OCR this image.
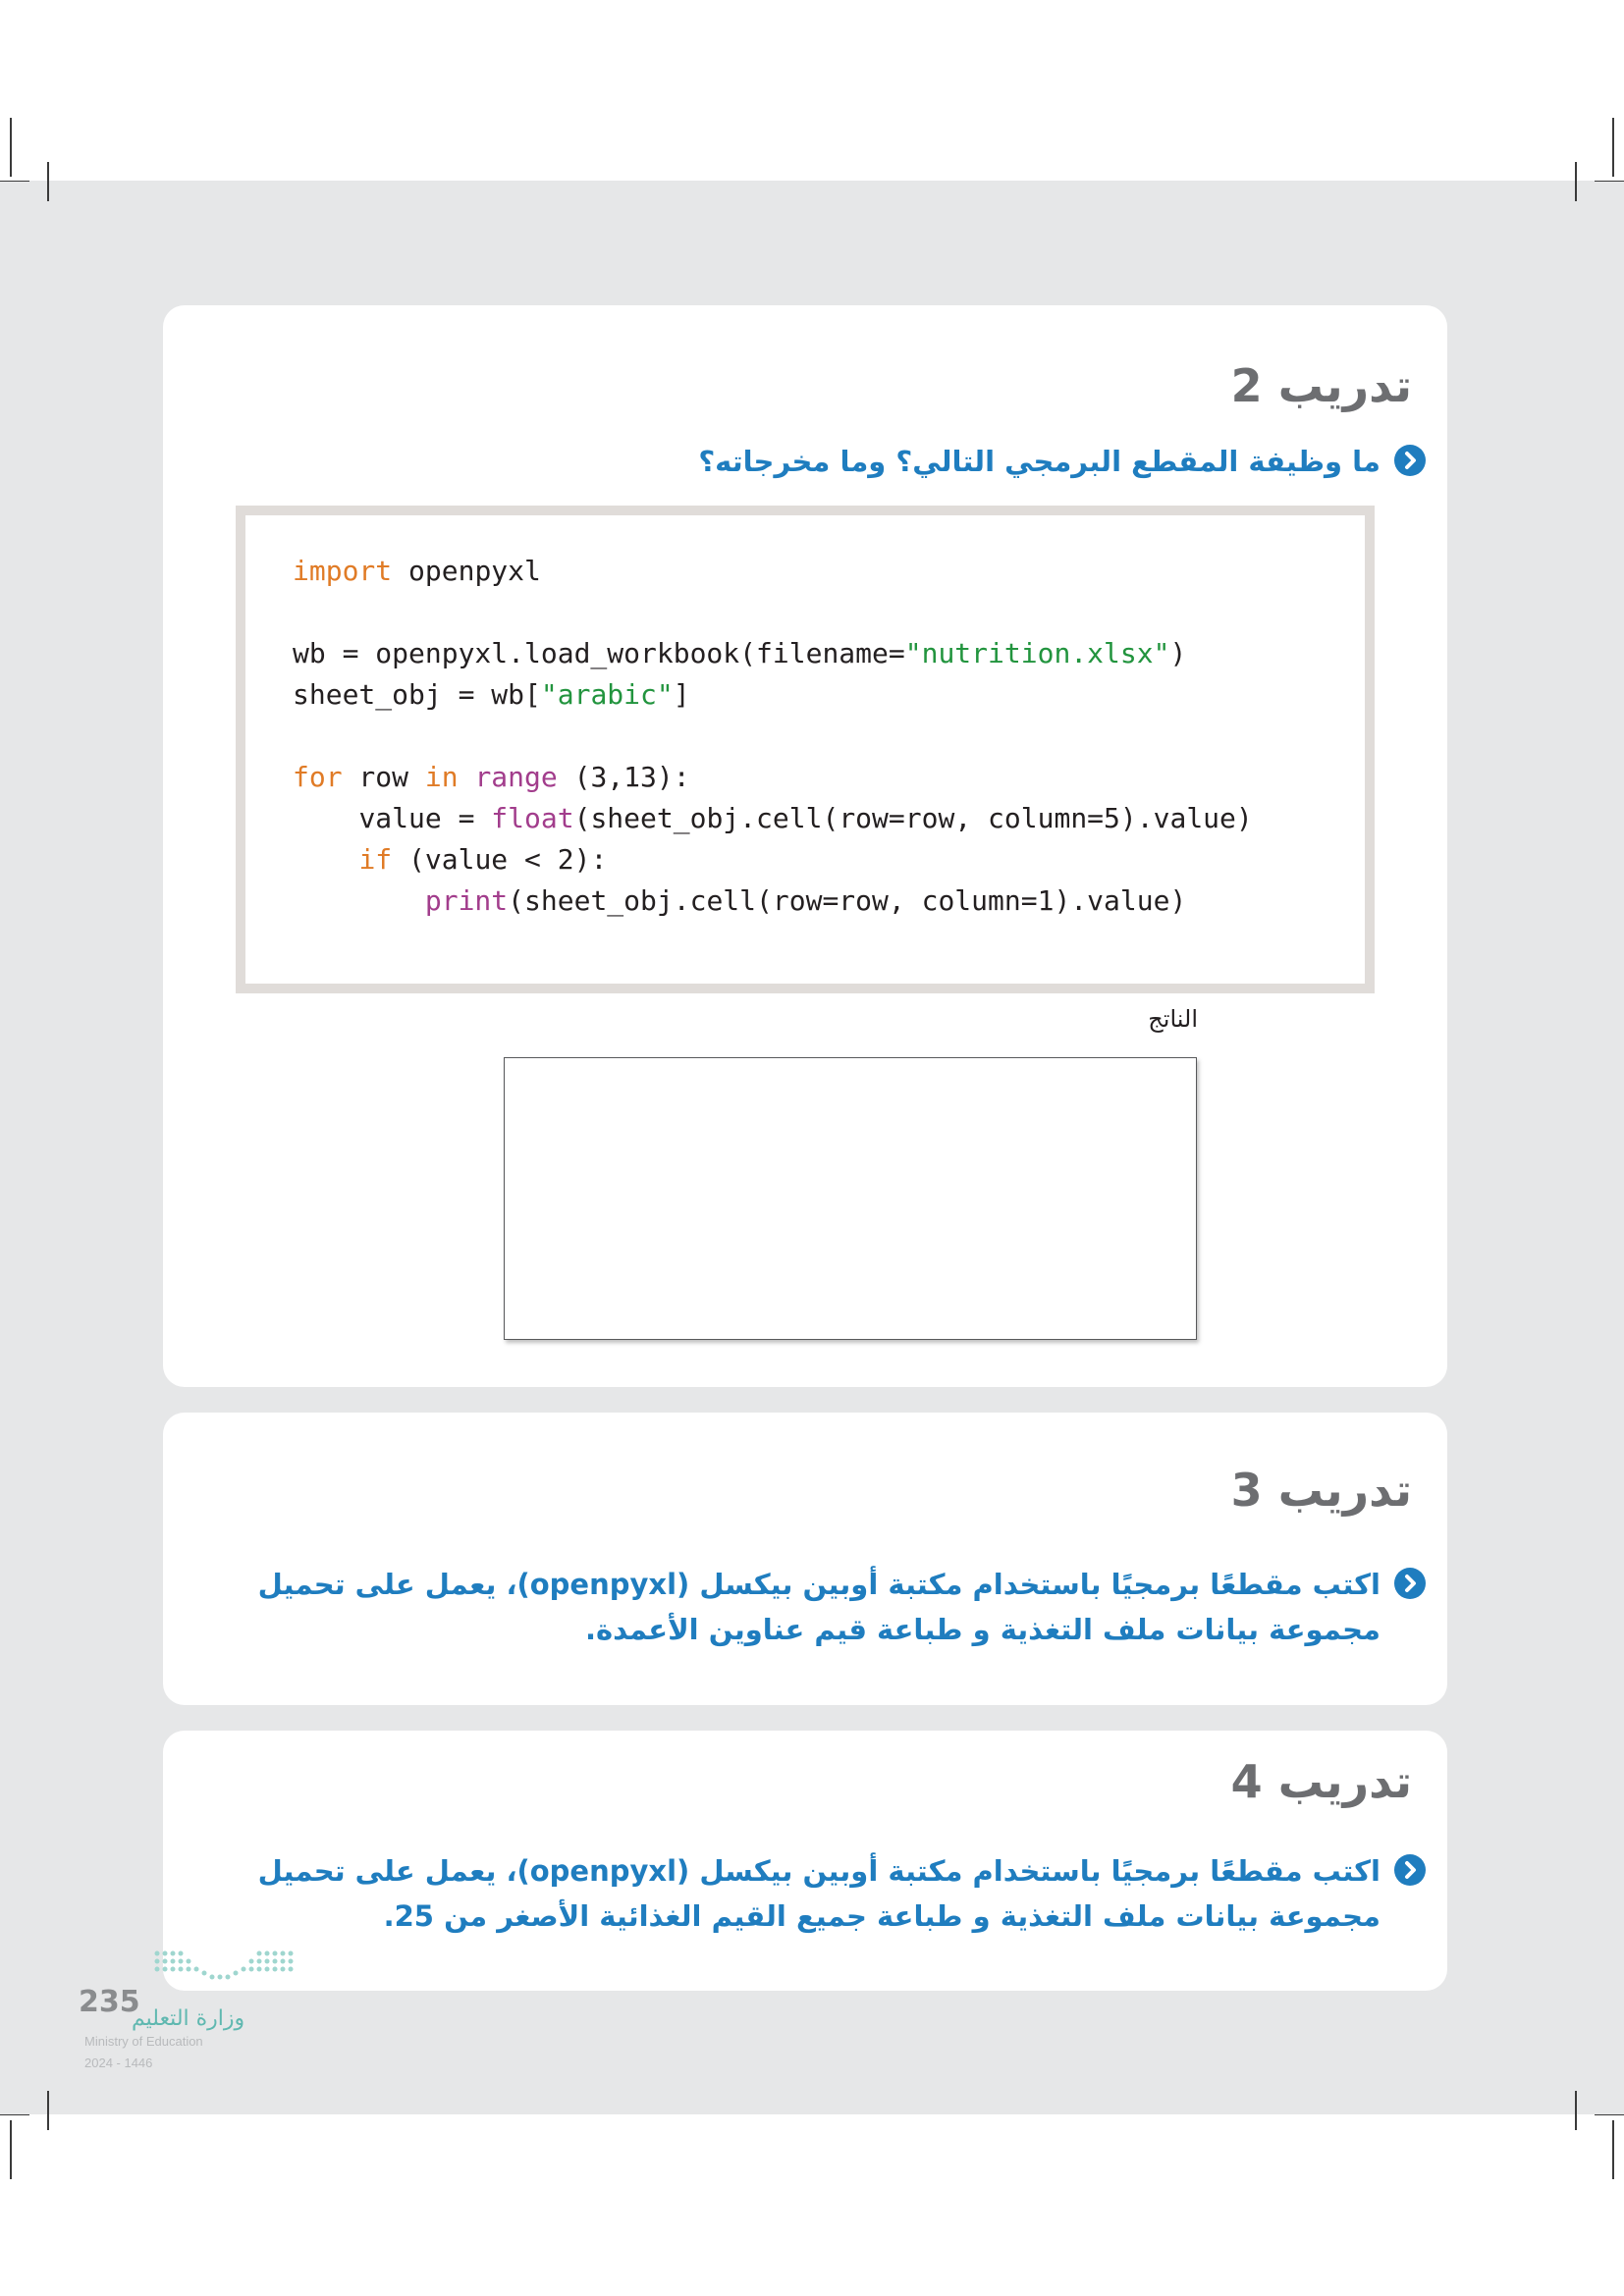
تدريب 2
ما وظيفة المقطع البرمجي التالي؟ وما مخرجاته؟
import openpyxl
wb = openpyxl.load_workbook(filename="nutrition.xlsx")
sheet_obj = wb["arabic"]
for row in range (3,13):
value = float(sheet_obj.cell(row=row, column=5).value)
if (value < 2):
print(sheet_obj.cell(row=row, column=1).value)
الناتج
تدريب 3
اكتب مقطعًا برمجيًا باستخدام مكتبة أوبين بيكسل (openpyxl)، يعمل على تحميل مجموعة بيانات ملف التغذية و طباعة قيم عناوين الأعمدة.
تدريب 4
اكتب مقطعًا برمجيًا باستخدام مكتبة أوبين بيكسل (openpyxl)، يعمل على تحميل مجموعة بيانات ملف التغذية و طباعة جميع القيم الغذائية الأصغر من 25.
235
وزارة التعليم
Ministry of Education
2024 - 1446
